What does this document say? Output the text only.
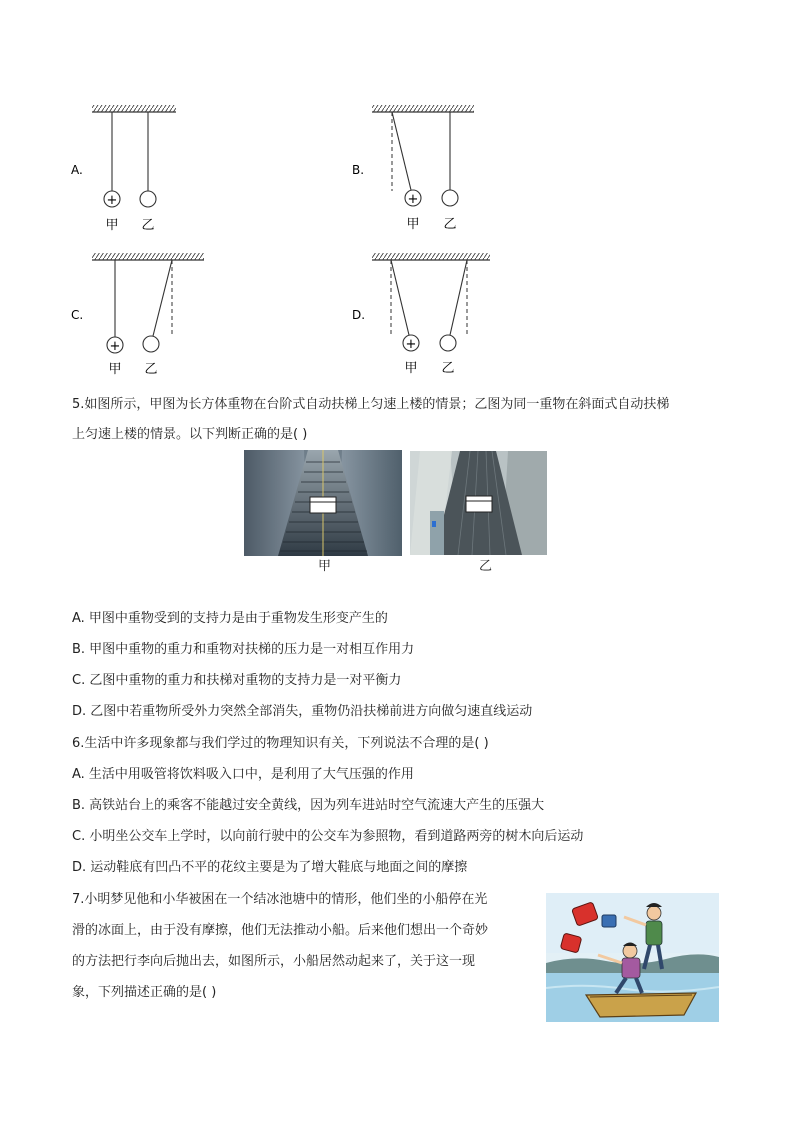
+
甲 乙
A.
+
甲 乙
B.
+
甲 乙
C.
+
甲 乙
D.
5.如图所示，甲图为长方体重物在台阶式自动扶梯上匀速上楼的情景；乙图为同一重物在斜面式自动扶梯
上匀速上楼的情景。以下判断正确的是( )
甲	乙
A. 甲图中重物受到的支持力是由于重物发生形变产生的
B. 甲图中重物的重力和重物对扶梯的压力是一对相互作用力
C. 乙图中重物的重力和扶梯对重物的支持力是一对平衡力
D. 乙图中若重物所受外力突然全部消失，重物仍沿扶梯前进方向做匀速直线运动
6.生活中许多现象都与我们学过的物理知识有关，下列说法不合理的是( )
A. 生活中用吸管将饮料吸入口中，是利用了大气压强的作用
B. 高铁站台上的乘客不能越过安全黄线，因为列车进站时空气流速大产生的压强大
C. 小明坐公交车上学时，以向前行驶中的公交车为参照物，看到道路两旁的树木向后运动
D. 运动鞋底有凹凸不平的花纹主要是为了增大鞋底与地面之间的摩擦
7.小明梦见他和小华被困在一个结冰池塘中的情形，他们坐的小船停在光
滑的冰面上，由于没有摩擦，他们无法推动小船。后来他们想出一个奇妙
的方法把行李向后抛出去，如图所示，小船居然动起来了，关于这一现
象，下列描述正确的是( )
